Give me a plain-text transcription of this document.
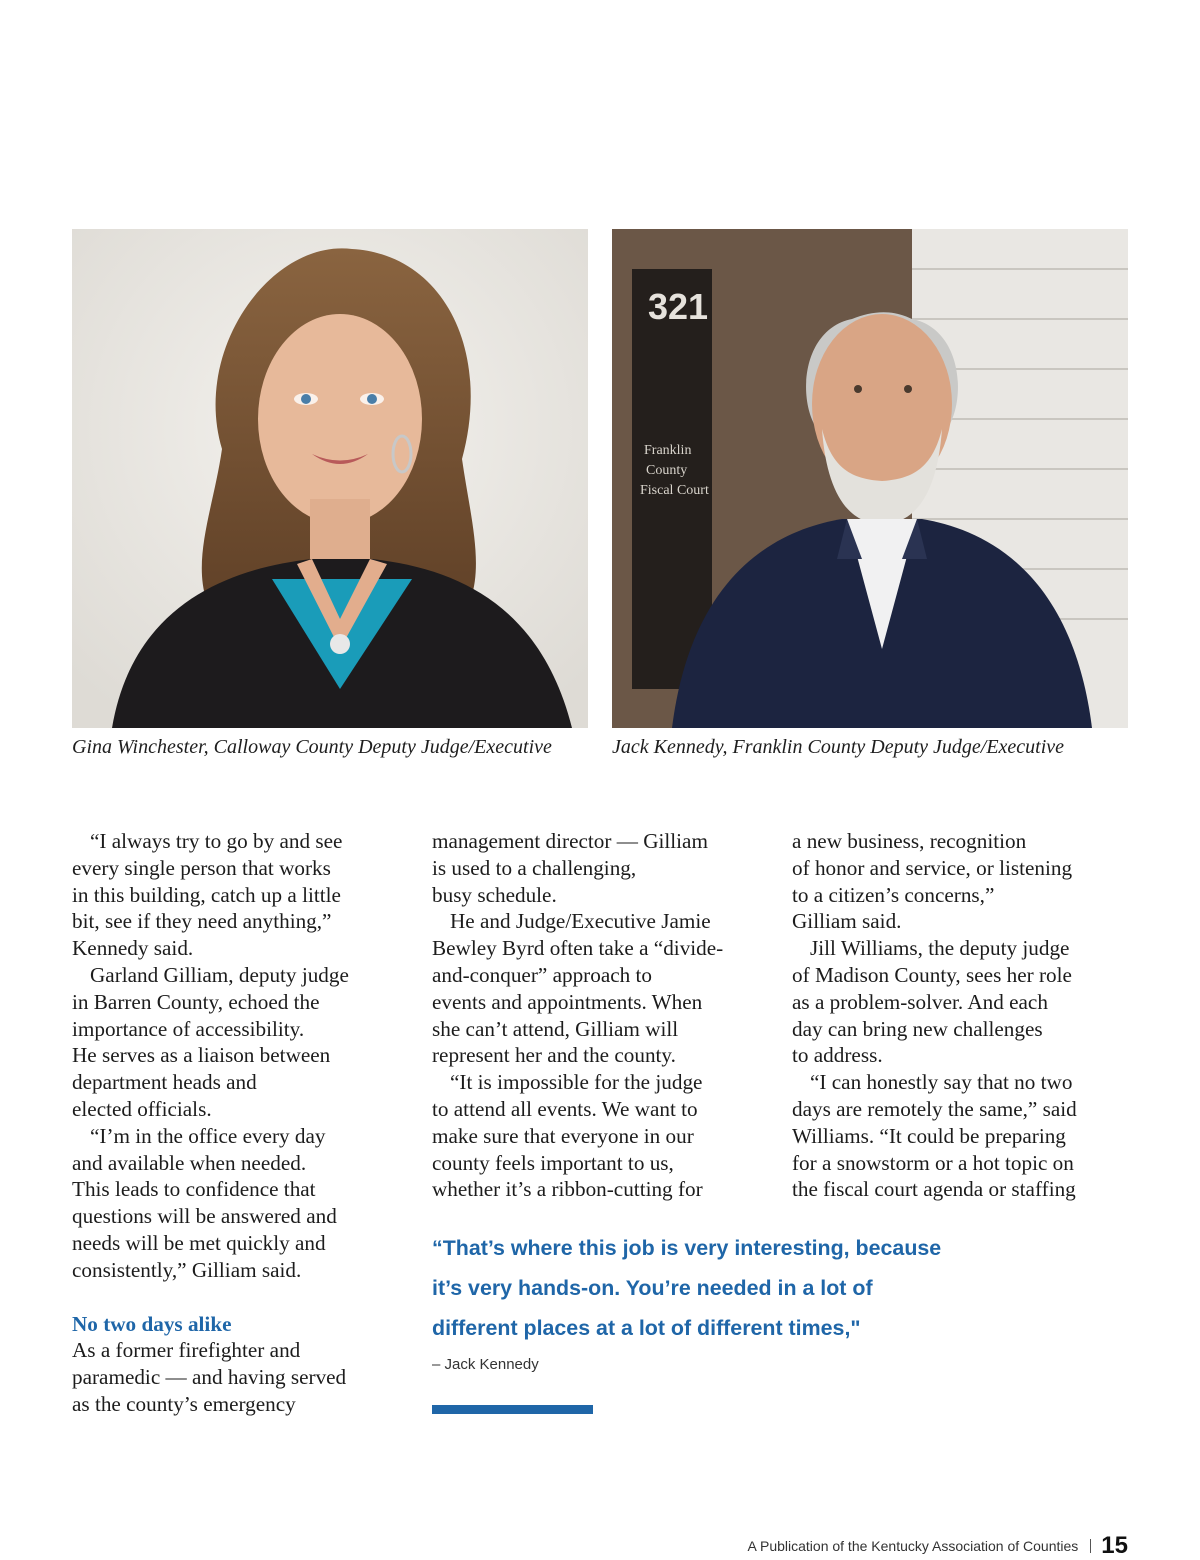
321
Franklin
County
Fiscal Court
Gina Winchester, Calloway County Deputy Judge/Executive	Jack Kennedy, Franklin County Deputy Judge/Executive
“I always try to go by and see
every single person that works
in this building, catch up a little
bit, see if they need anything,”
Kennedy said.
Garland Gilliam, deputy judge
in Barren County, echoed the
importance of accessibility.
He serves as a liaison between
department heads and
elected officials.
“I’m in the office every day
and available when needed.
This leads to confidence that
questions will be answered and
needs will be met quickly and
consistently,” Gilliam said.
No two days alike
As a former firefighter and
paramedic — and having served
as the county’s emergency
management director — Gilliam
is used to a challenging,
busy schedule.
He and Judge/Executive Jamie
Bewley Byrd often take a “divide-
and-conquer” approach to
events and appointments. When
she can’t attend, Gilliam will
represent her and the county.
“It is impossible for the judge
to attend all events. We want to
make sure that everyone in our
county feels important to us,
whether it’s a ribbon-cutting for
a new business, recognition
of honor and service, or listening
to a citizen’s concerns,”
Gilliam said.
Jill Williams, the deputy judge
of Madison County, sees her role
as a problem-solver. And each
day can bring new challenges
to address.
“I can honestly say that no two
days are remotely the same,” said
Williams. “It could be preparing
for a snowstorm or a hot topic on
the fiscal court agenda or staffing
“That’s where this job is very interesting, because
it’s very hands-on. You’re needed in a lot of
different places at a lot of different times,"
– Jack Kennedy
A Publication of the Kentucky Association of Counties 15
